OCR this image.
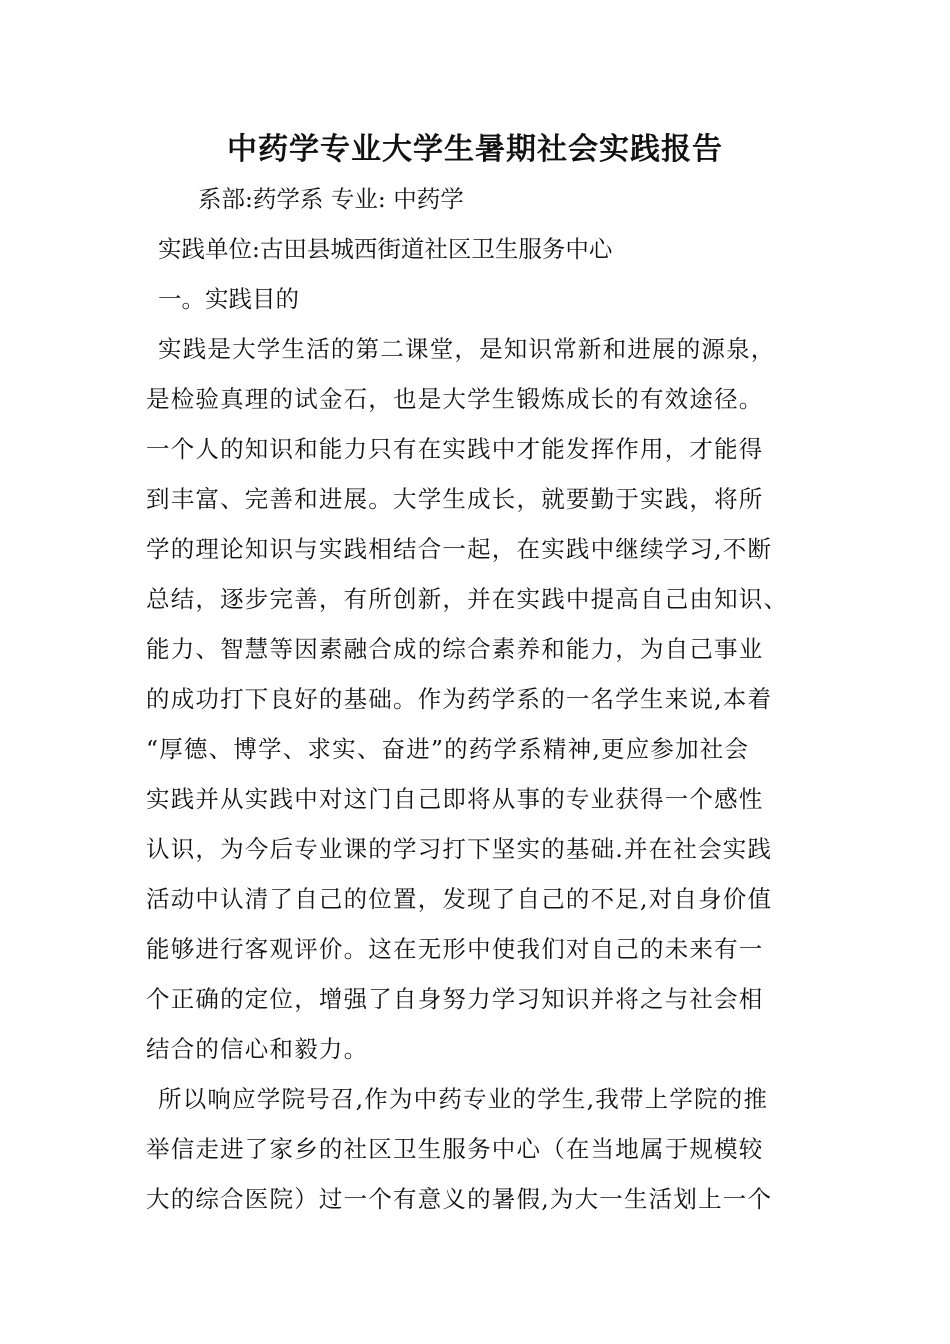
中药学专业大学生暑期社会实践报告
系部:药学系 专业: 中药学
实践单位:古田县城西街道社区卫生服务中心
一。实践目的
实践是大学生活的第二课堂，是知识常新和进展的源泉，
是检验真理的试金石，也是大学生锻炼成长的有效途径。
一个人的知识和能力只有在实践中才能发挥作用，才能得
到丰富、完善和进展。大学生成长，就要勤于实践，将所
学的理论知识与实践相结合一起，在实践中继续学习,不断
总结，逐步完善，有所创新，并在实践中提高自己由知识、
能力、智慧等因素融合成的综合素养和能力，为自己事业
的成功打下良好的基础。作为药学系的一名学生来说,本着
“厚德、博学、求实、奋进”的药学系精神,更应参加社会
实践并从实践中对这门自己即将从事的专业获得一个感性
认识，为今后专业课的学习打下坚实的基础.并在社会实践
活动中认清了自己的位置，发现了自己的不足,对自身价值
能够进行客观评价。这在无形中使我们对自己的未来有一
个正确的定位，增强了自身努力学习知识并将之与社会相
结合的信心和毅力。
所以响应学院号召,作为中药专业的学生,我带上学院的推
举信走进了家乡的社区卫生服务中心（在当地属于规模较
大的综合医院）过一个有意义的暑假,为大一生活划上一个
